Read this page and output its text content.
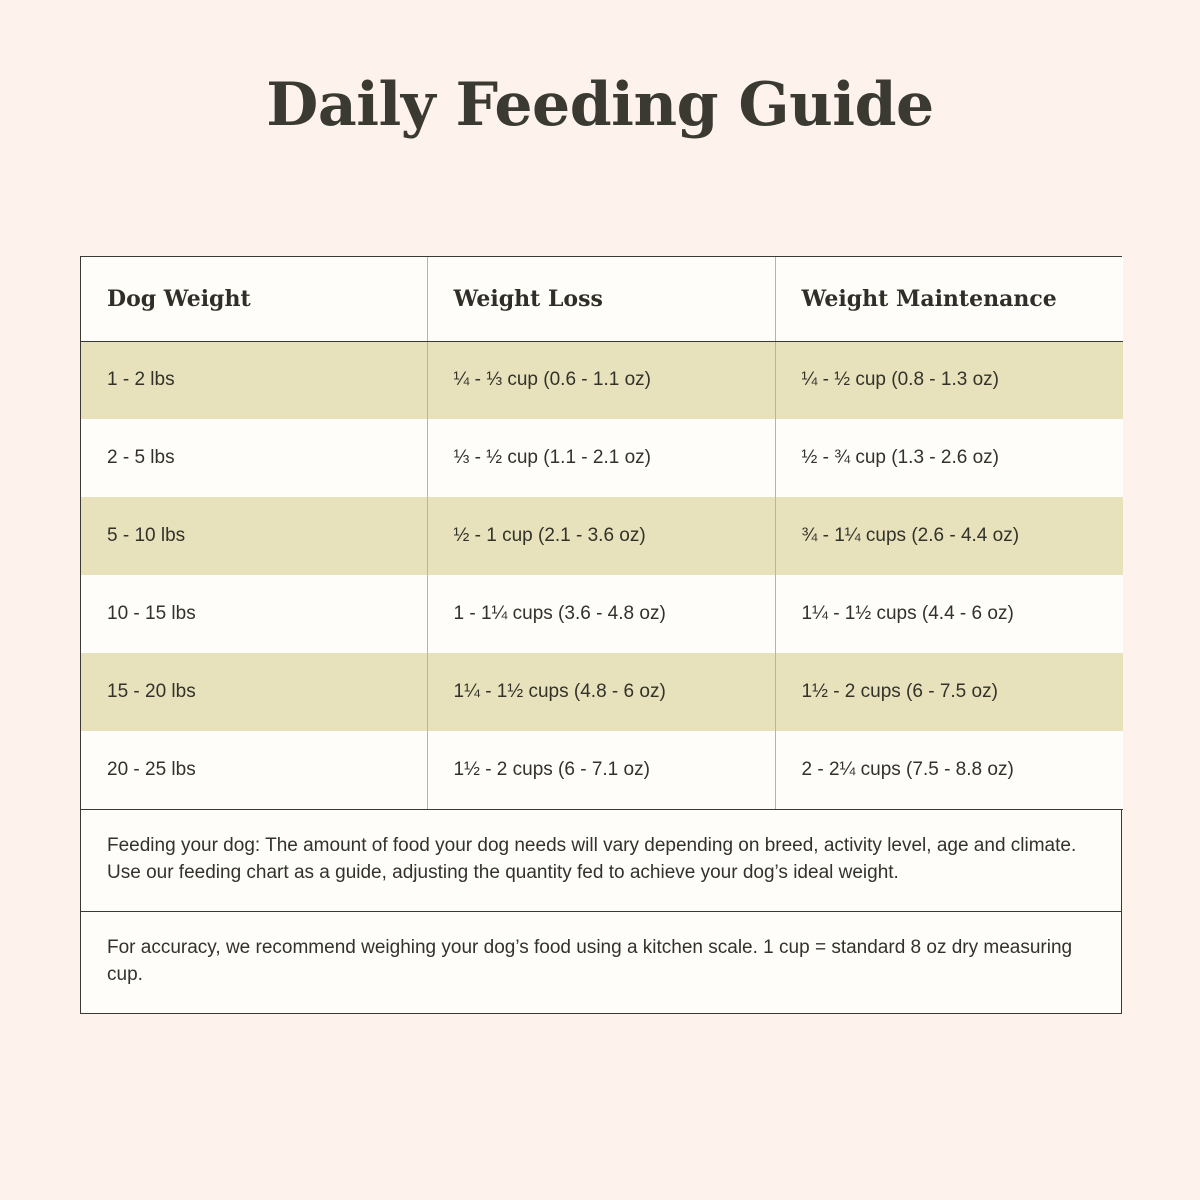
Daily Feeding Guide
Dog Weight	Weight Loss	Weight Maintenance
1 - 2 lbs	¼ - ⅓ cup (0.6 - 1.1 oz)	¼ - ½ cup (0.8 - 1.3 oz)
2 - 5 lbs	⅓ - ½ cup (1.1 - 2.1 oz)	½ - ¾ cup (1.3 - 2.6 oz)
5 - 10 lbs	½ - 1 cup (2.1 - 3.6 oz)	¾ - 1¼ cups (2.6 - 4.4 oz)
10 - 15 lbs	1 - 1¼ cups (3.6 - 4.8 oz)	1¼ - 1½ cups (4.4 - 6 oz)
15 - 20 lbs	1¼ - 1½ cups (4.8 - 6 oz)	1½ - 2 cups (6 - 7.5 oz)
20 - 25 lbs	1½ - 2 cups (6 - 7.1 oz)	2 - 2¼ cups (7.5 - 8.8 oz)
Feeding your dog: The amount of food your dog needs will vary depending on breed, activity level, age and climate. Use our feeding chart as a guide, adjusting the quantity fed to achieve your dog’s ideal weight.
For accuracy, we recommend weighing your dog’s food using a kitchen scale. 1 cup = standard 8 oz dry measuring cup.
